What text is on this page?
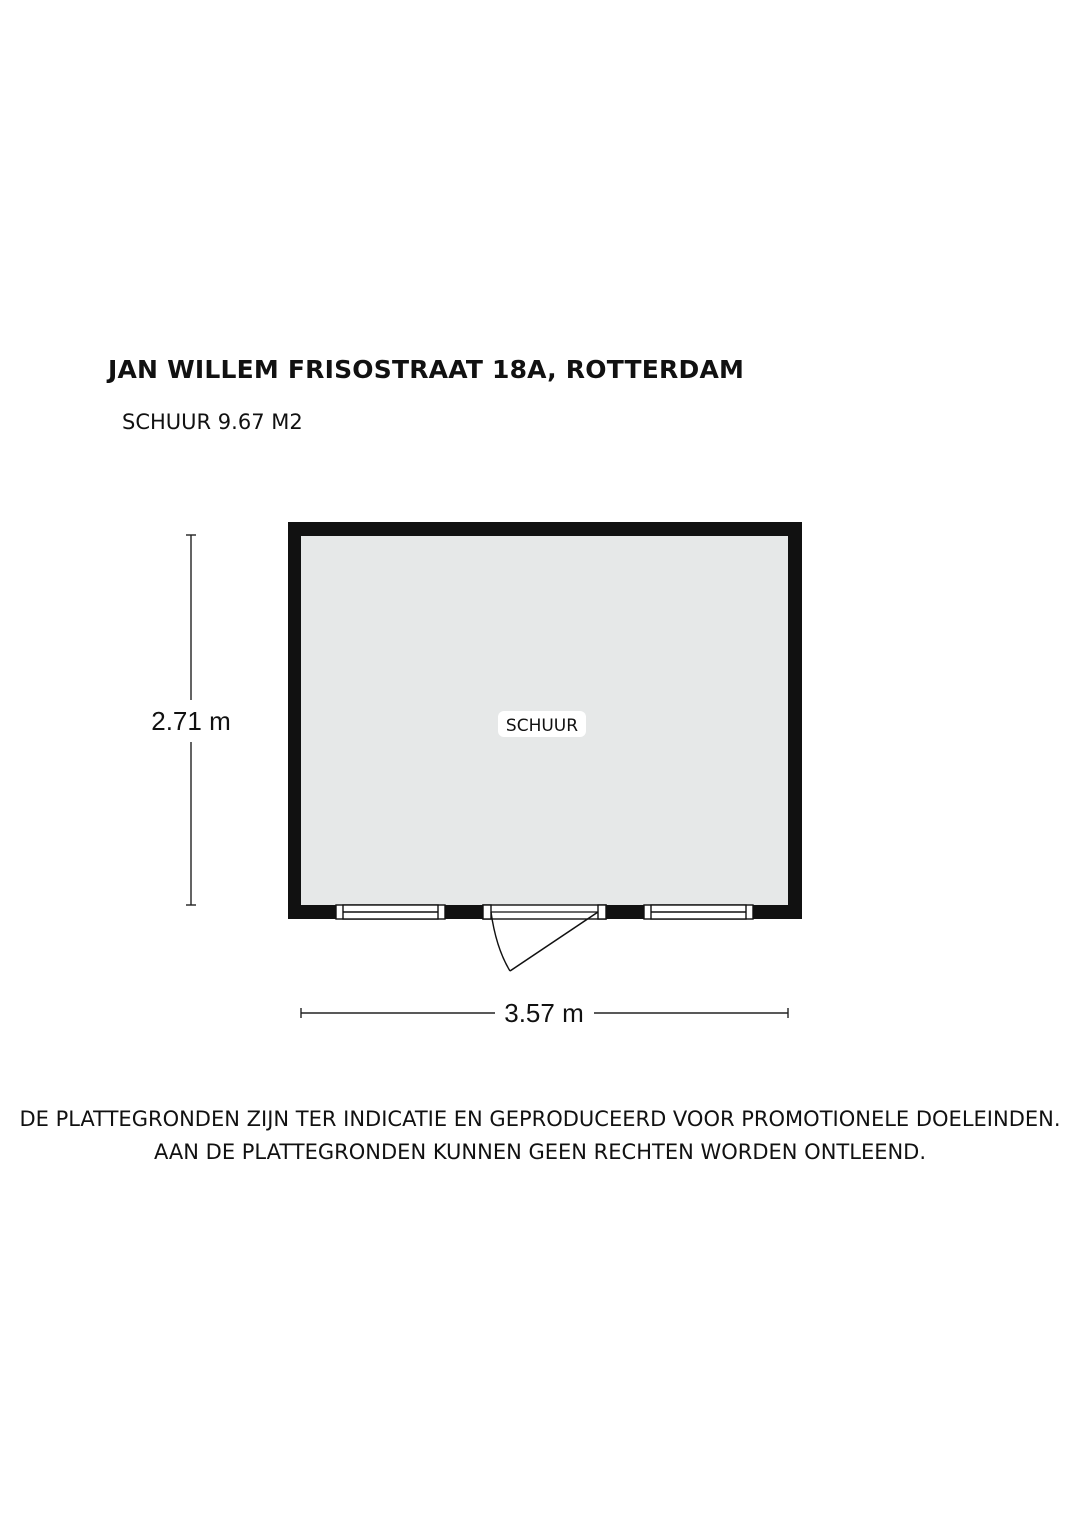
JAN WILLEM FRISOSTRAAT 18A, ROTTERDAM
SCHUUR 9.67 M2
SCHUUR
2.71 m
3.57 m
DE PLATTEGRONDEN ZIJN TER INDICATIE EN GEPRODUCEERD VOOR PROMOTIONELE DOELEINDEN.
AAN DE PLATTEGRONDEN KUNNEN GEEN RECHTEN WORDEN ONTLEEND.
